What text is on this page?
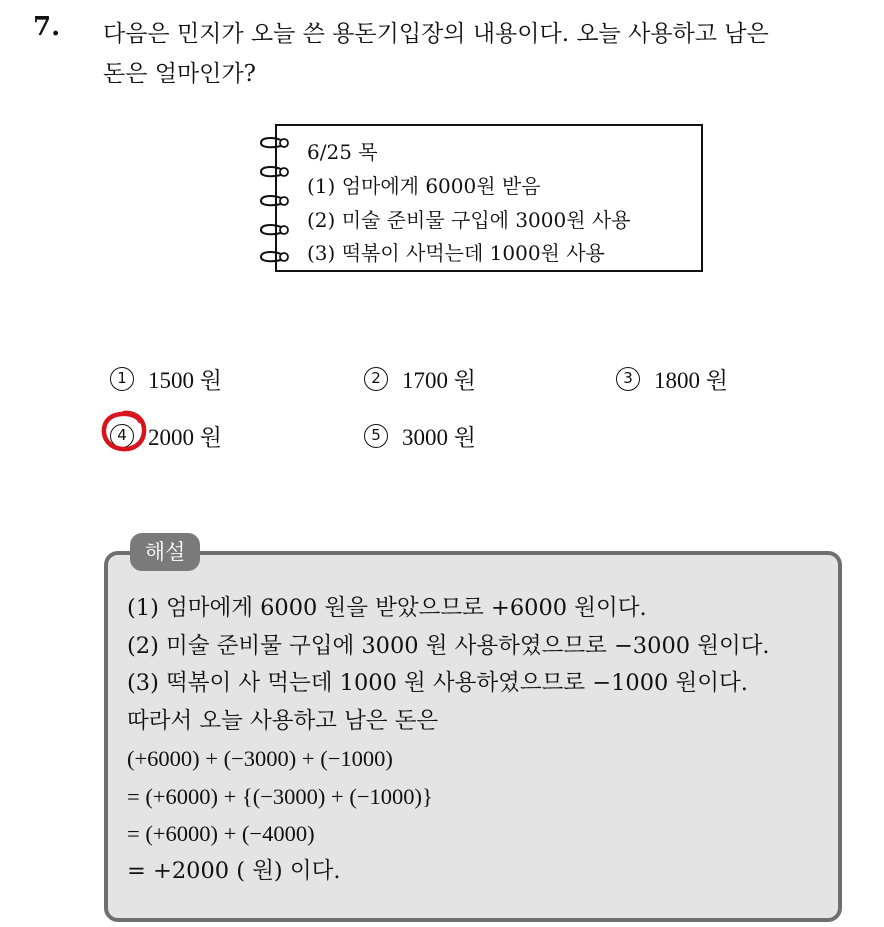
7. 다음은 민지가 오늘 쓴 용돈기입장의 내용이다. 오늘 사용하고 남은
돈은 얼마인가?
6/25 목
(1) 엄마에게 6000원 받음
(2) 미술 준비물 구입에 3000원 사용
(3) 떡볶이 사먹는데 1000원 사용
1 1500 원	2 1700 원	3 1800 원
4 2000 원	5 3000 원
해설
(1) 엄마에게 6000 원을 받았으므로 +6000 원이다.
(2) 미술 준비물 구입에 3000 원 사용하였으므로 −3000 원이다.
(3) 떡볶이 사 먹는데 1000 원 사용하였으므로 −1000 원이다.
따라서 오늘 사용하고 남은 돈은
(+6000) + (−3000) + (−1000)
= (+6000) + {(−3000) + (−1000)}
= (+6000) + (−4000)
= +2000 ( 원) 이다.
